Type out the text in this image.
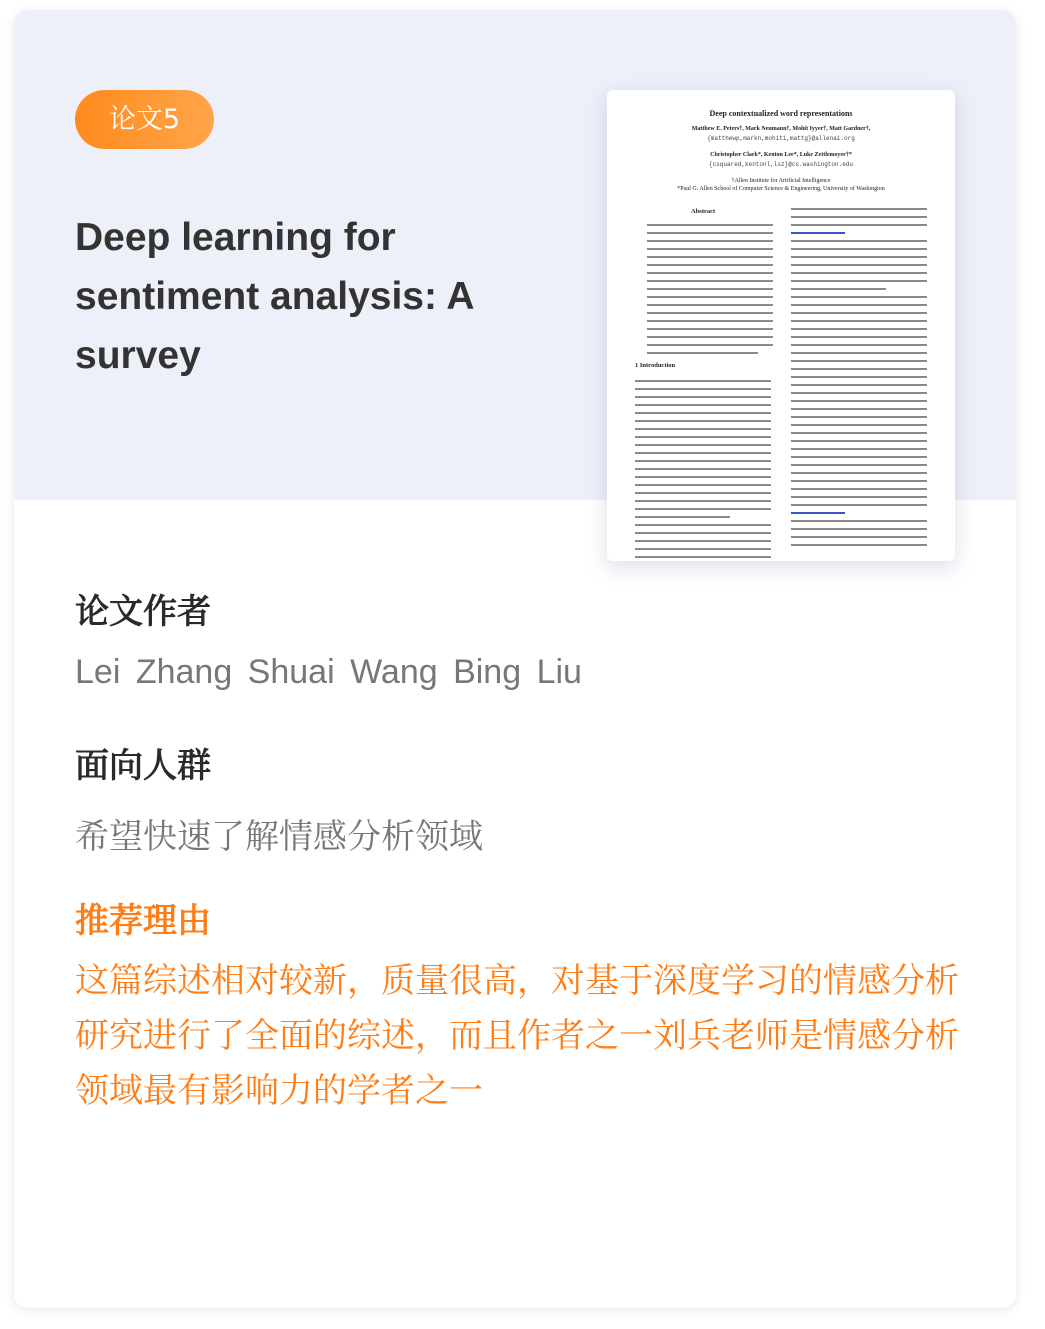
论文5
Deep learning for sentiment analysis: A survey
Deep contextualized word representations
Matthew E. Peters†, Mark Neumann†, Mohit Iyyer†, Matt Gardner†,
{matthewp,markn,mohiti,mattg}@allenai.org
Christopher Clark*, Kenton Lee*, Luke Zettlemoyer†*
{csquared,kentonl,lsz}@cs.washington.edu
†Allen Institute for Artificial Intelligence
*Paul G. Allen School of Computer Science & Engineering, University of Washington
Abstract
1 Introduction
论文作者
Lei Zhang Shuai Wang Bing Liu
面向人群
希望快速了解情感分析领域
推荐理由
这篇综述相对较新，质量很高，对基于深度学习的情感分析研究进行了全面的综述，而且作者之一刘兵老师是情感分析领域最有影响力的学者之一
